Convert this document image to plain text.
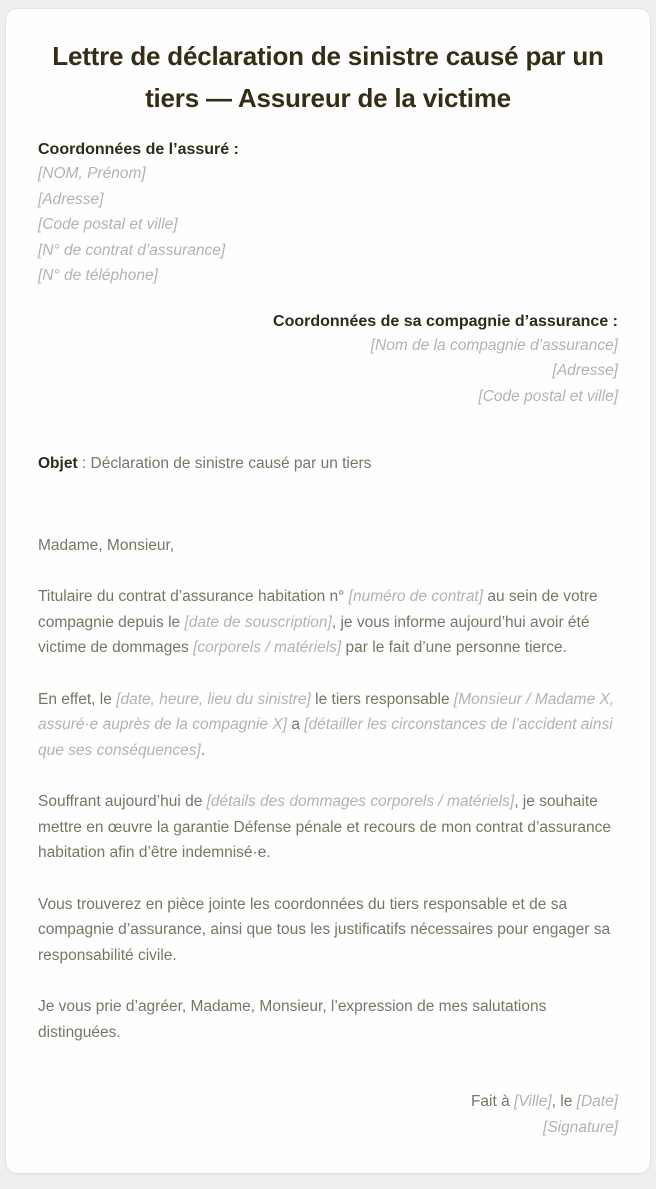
Lettre de déclaration de sinistre causé par un tiers — Assureur de la victime
Coordonnées de l’assuré :
[NOM, Prénom]
[Adresse]
[Code postal et ville]
[N° de contrat d’assurance]
[N° de téléphone]
Coordonnées de sa compagnie d’assurance :
[Nom de la compagnie d’assurance]
[Adresse]
[Code postal et ville]
Objet : Déclaration de sinistre causé par un tiers
Madame, Monsieur,

Titulaire du contrat d’assurance habitation n° [numéro de contrat] au sein de votre compagnie depuis le [date de souscription], je vous informe aujourd’hui avoir été victime de dommages [corporels / matériels] par le fait d’une personne tierce.

En effet, le [date, heure, lieu du sinistre] le tiers responsable [Monsieur / Madame X, assuré·e auprès de la compagnie X] a [détailler les circonstances de l’accident ainsi que ses conséquences].

Souffrant aujourd’hui de [détails des dommages corporels / matériels], je souhaite mettre en œuvre la garantie Défense pénale et recours de mon contrat d’assurance habitation afin d’être indemnisé·e.

Vous trouverez en pièce jointe les coordonnées du tiers responsable et de sa compagnie d’assurance, ainsi que tous les justificatifs nécessaires pour engager sa responsabilité civile.

Je vous prie d’agréer, Madame, Monsieur, l’expression de mes salutations distinguées.

Fait à [Ville], le [Date]
[Signature]
